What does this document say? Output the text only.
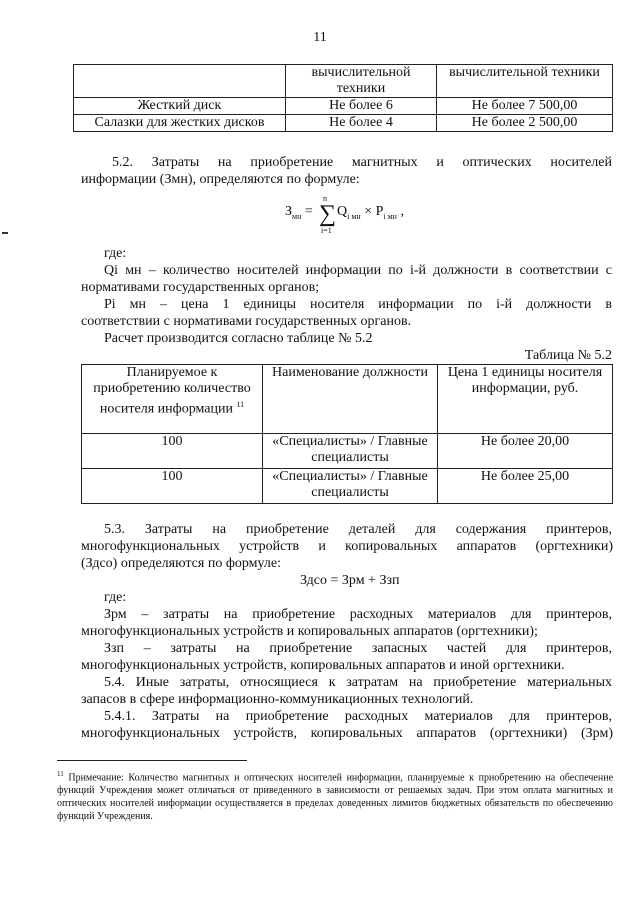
11
	вычислительной техники	вычислительной техники
Жесткий диск	Не более 6	Не более 7 500,00
Салазки для жестких дисков	Не более 4	Не более 2 500,00
5.2. Затраты на приобретение магнитных и оптических носителей
информации (Змн), определяются по формуле:
$З_{мн}$ =
n
∑
i=1
$Q_{i мн} \times P_{i мн}$ ,
где:
Qi мн – количество носителей информации по i-й должности в соответствии с
нормативами государственных органов;
Pi мн – цена 1 единицы носителя информации по i-й должности в
соответствии с нормативами государственных органов.
Расчет производится согласно таблице № 5.2
Таблица № 5.2
Планируемое к приобретению количество носителя информации $^{11}$	Наименование должности	Цена 1 единицы носителя информации, руб.
100	«Специалисты» / Главные специалисты	Не более 20,00
100	«Специалисты» / Главные специалисты	Не более 25,00
5.3. Затраты на приобретение деталей для содержания принтеров,
многофункциональных устройств и копировальных аппаратов (оргтехники)
(Здсо) определяются по формуле:
Здсо = Зрм + Ззп
где:
Зрм – затраты на приобретение расходных материалов для принтеров,
многофункциональных устройств и копировальных аппаратов (оргтехники);
Ззп – затраты на приобретение запасных частей для принтеров,
многофункциональных устройств, копировальных аппаратов и иной оргтехники.
5.4. Иные затраты, относящиеся к затратам на приобретение материальных
запасов в сфере информационно-коммуникационных технологий.
5.4.1. Затраты на приобретение расходных материалов для принтеров,
многофункциональных устройств, копировальных аппаратов (оргтехники) (Зрм)
$^{11}$ Примечание: Количество магнитных и оптических носителей информации, планируемые к приобретению на обеспечение функций Учреждения может отличаться от приведенного в зависимости от решаемых задач. При этом оплата магнитных и оптических носителей информации осуществляется в пределах доведенных лимитов бюджетных обязательств по обеспечению функций Учреждения.
